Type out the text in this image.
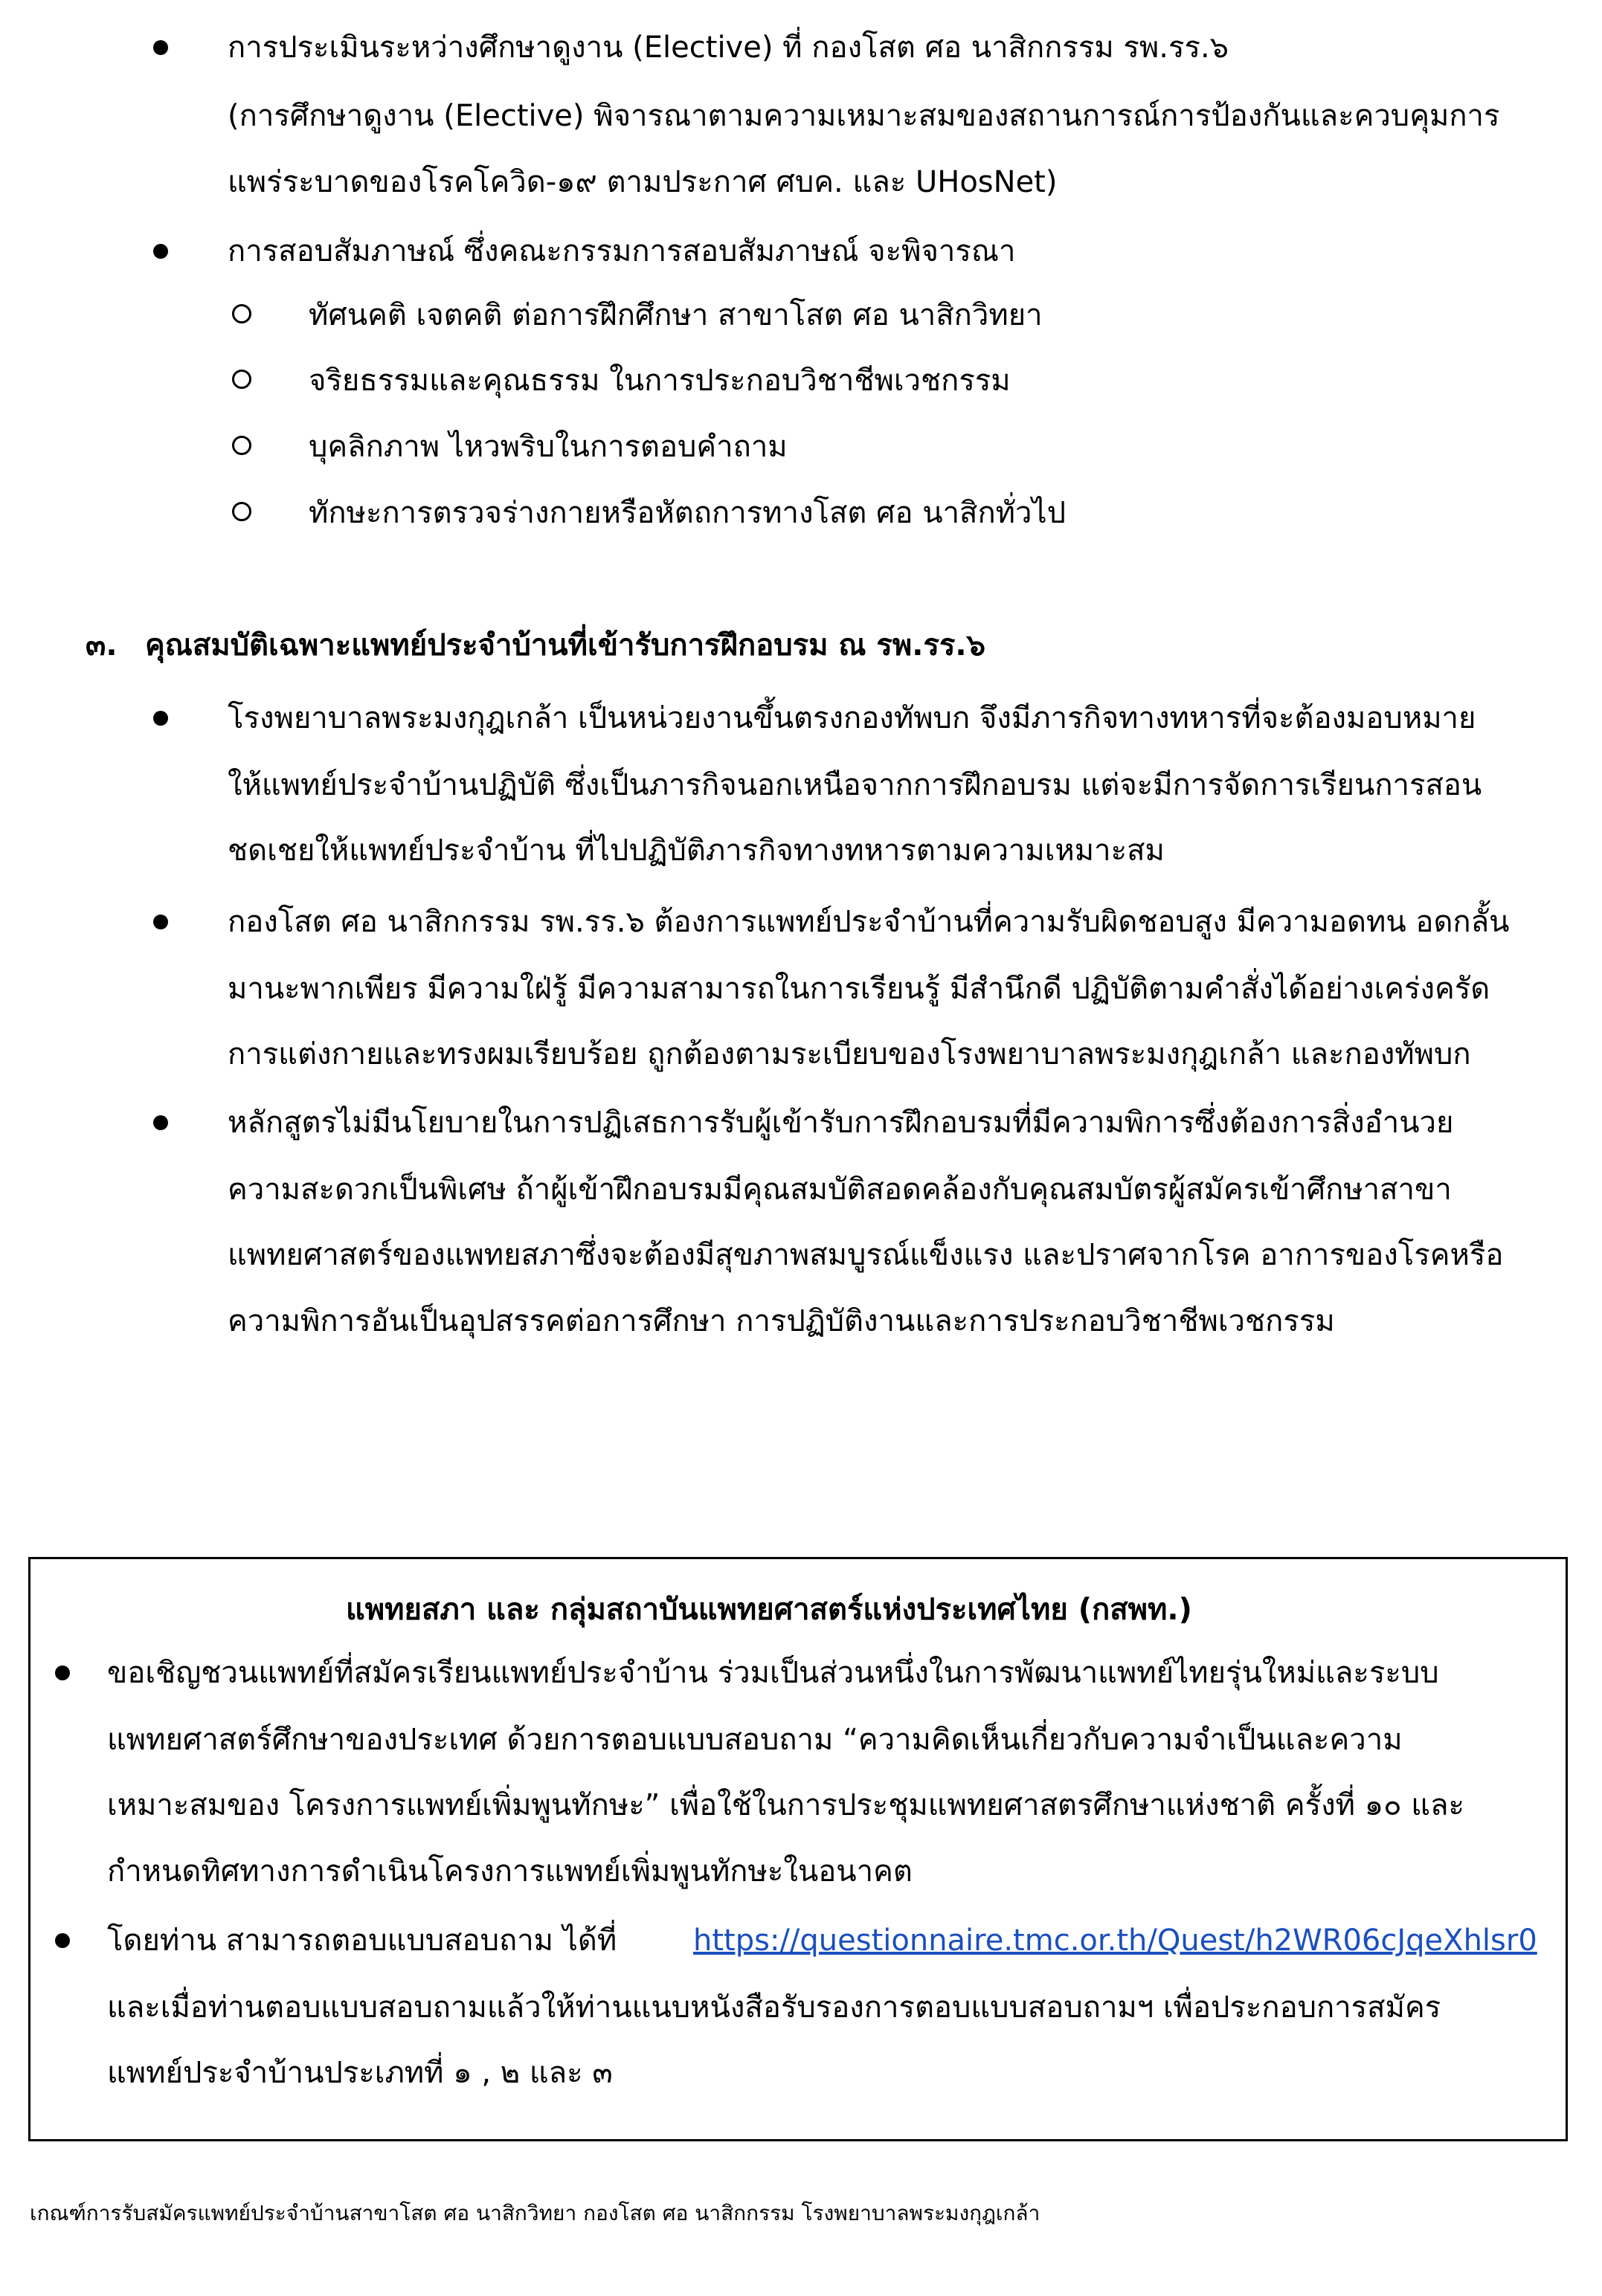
การประเมินระหว่างศึกษาดูงาน (Elective) ที่ กองโสต ศอ นาสิกกรรม รพ.รร.๖
(การศึกษาดูงาน (Elective) พิจารณาตามความเหมาะสมของสถานการณ์การป้องกันและควบคุมการ
แพร่ระบาดของโรคโควิด-๑๙ ตามประกาศ ศบค. และ UHosNet)
การสอบสัมภาษณ์ ซึ่งคณะกรรมการสอบสัมภาษณ์ จะพิจารณา
ทัศนคติ เจตคติ ต่อการฝึกศึกษา สาขาโสต ศอ นาสิกวิทยา
จริยธรรมและคุณธรรม ในการประกอบวิชาชีพเวชกรรม
บุคลิกภาพ ไหวพริบในการตอบคำถาม
ทักษะการตรวจร่างกายหรือหัตถการทางโสต ศอ นาสิกทั่วไป
๓. คุณสมบัติเฉพาะแพทย์ประจำบ้านที่เข้ารับการฝึกอบรม ณ รพ.รร.๖
โรงพยาบาลพระมงกุฎเกล้า เป็นหน่วยงานขึ้นตรงกองทัพบก จึงมีภารกิจทางทหารที่จะต้องมอบหมาย
ให้แพทย์ประจำบ้านปฏิบัติ ซึ่งเป็นภารกิจนอกเหนือจากการฝึกอบรม แต่จะมีการจัดการเรียนการสอน
ชดเชยให้แพทย์ประจำบ้าน ที่ไปปฏิบัติภารกิจทางทหารตามความเหมาะสม
กองโสต ศอ นาสิกกรรม รพ.รร.๖ ต้องการแพทย์ประจำบ้านที่ความรับผิดชอบสูง มีความอดทน อดกลั้น
มานะพากเพียร มีความใฝ่รู้ มีความสามารถในการเรียนรู้ มีสำนึกดี ปฏิบัติตามคำสั่งได้อย่างเคร่งครัด
การแต่งกายและทรงผมเรียบร้อย ถูกต้องตามระเบียบของโรงพยาบาลพระมงกุฎเกล้า และกองทัพบก
หลักสูตรไม่มีนโยบายในการปฏิเสธการรับผู้เข้ารับการฝึกอบรมที่มีความพิการซึ่งต้องการสิ่งอำนวย
ความสะดวกเป็นพิเศษ ถ้าผู้เข้าฝึกอบรมมีคุณสมบัติสอดคล้องกับคุณสมบัตรผู้สมัครเข้าศึกษาสาขา
แพทยศาสตร์ของแพทยสภาซึ่งจะต้องมีสุขภาพสมบูรณ์แข็งแรง และปราศจากโรค อาการของโรคหรือ
ความพิการอันเป็นอุปสรรคต่อการศึกษา การปฏิบัติงานและการประกอบวิชาชีพเวชกรรม
แพทยสภา และ กลุ่มสถาบันแพทยศาสตร์แห่งประเทศไทย (กสพท.)
ขอเชิญชวนแพทย์ที่สมัครเรียนแพทย์ประจำบ้าน ร่วมเป็นส่วนหนึ่งในการพัฒนาแพทย์ไทยรุ่นใหม่และระบบ
แพทยศาสตร์ศึกษาของประเทศ ด้วยการตอบแบบสอบถาม “ความคิดเห็นเกี่ยวกับความจำเป็นและความ
เหมาะสมของ โครงการแพทย์เพิ่มพูนทักษะ” เพื่อใช้ในการประชุมแพทยศาสตรศึกษาแห่งชาติ ครั้งที่ ๑๐ และ
กำหนดทิศทางการดำเนินโครงการแพทย์เพิ่มพูนทักษะในอนาคต
โดยท่าน สามารถตอบแบบสอบถาม ได้ที่	https://questionnaire.tmc.or.th/Quest/h2WR06cJqeXhlsr0
และเมื่อท่านตอบแบบสอบถามแล้วให้ท่านแนบหนังสือรับรองการตอบแบบสอบถามฯ เพื่อประกอบการสมัคร
แพทย์ประจำบ้านประเภทที่ ๑ , ๒ และ ๓
เกณฑ์การรับสมัครแพทย์ประจำบ้านสาขาโสต ศอ นาสิกวิทยา กองโสต ศอ นาสิกกรรม โรงพยาบาลพระมงกุฎเกล้า
